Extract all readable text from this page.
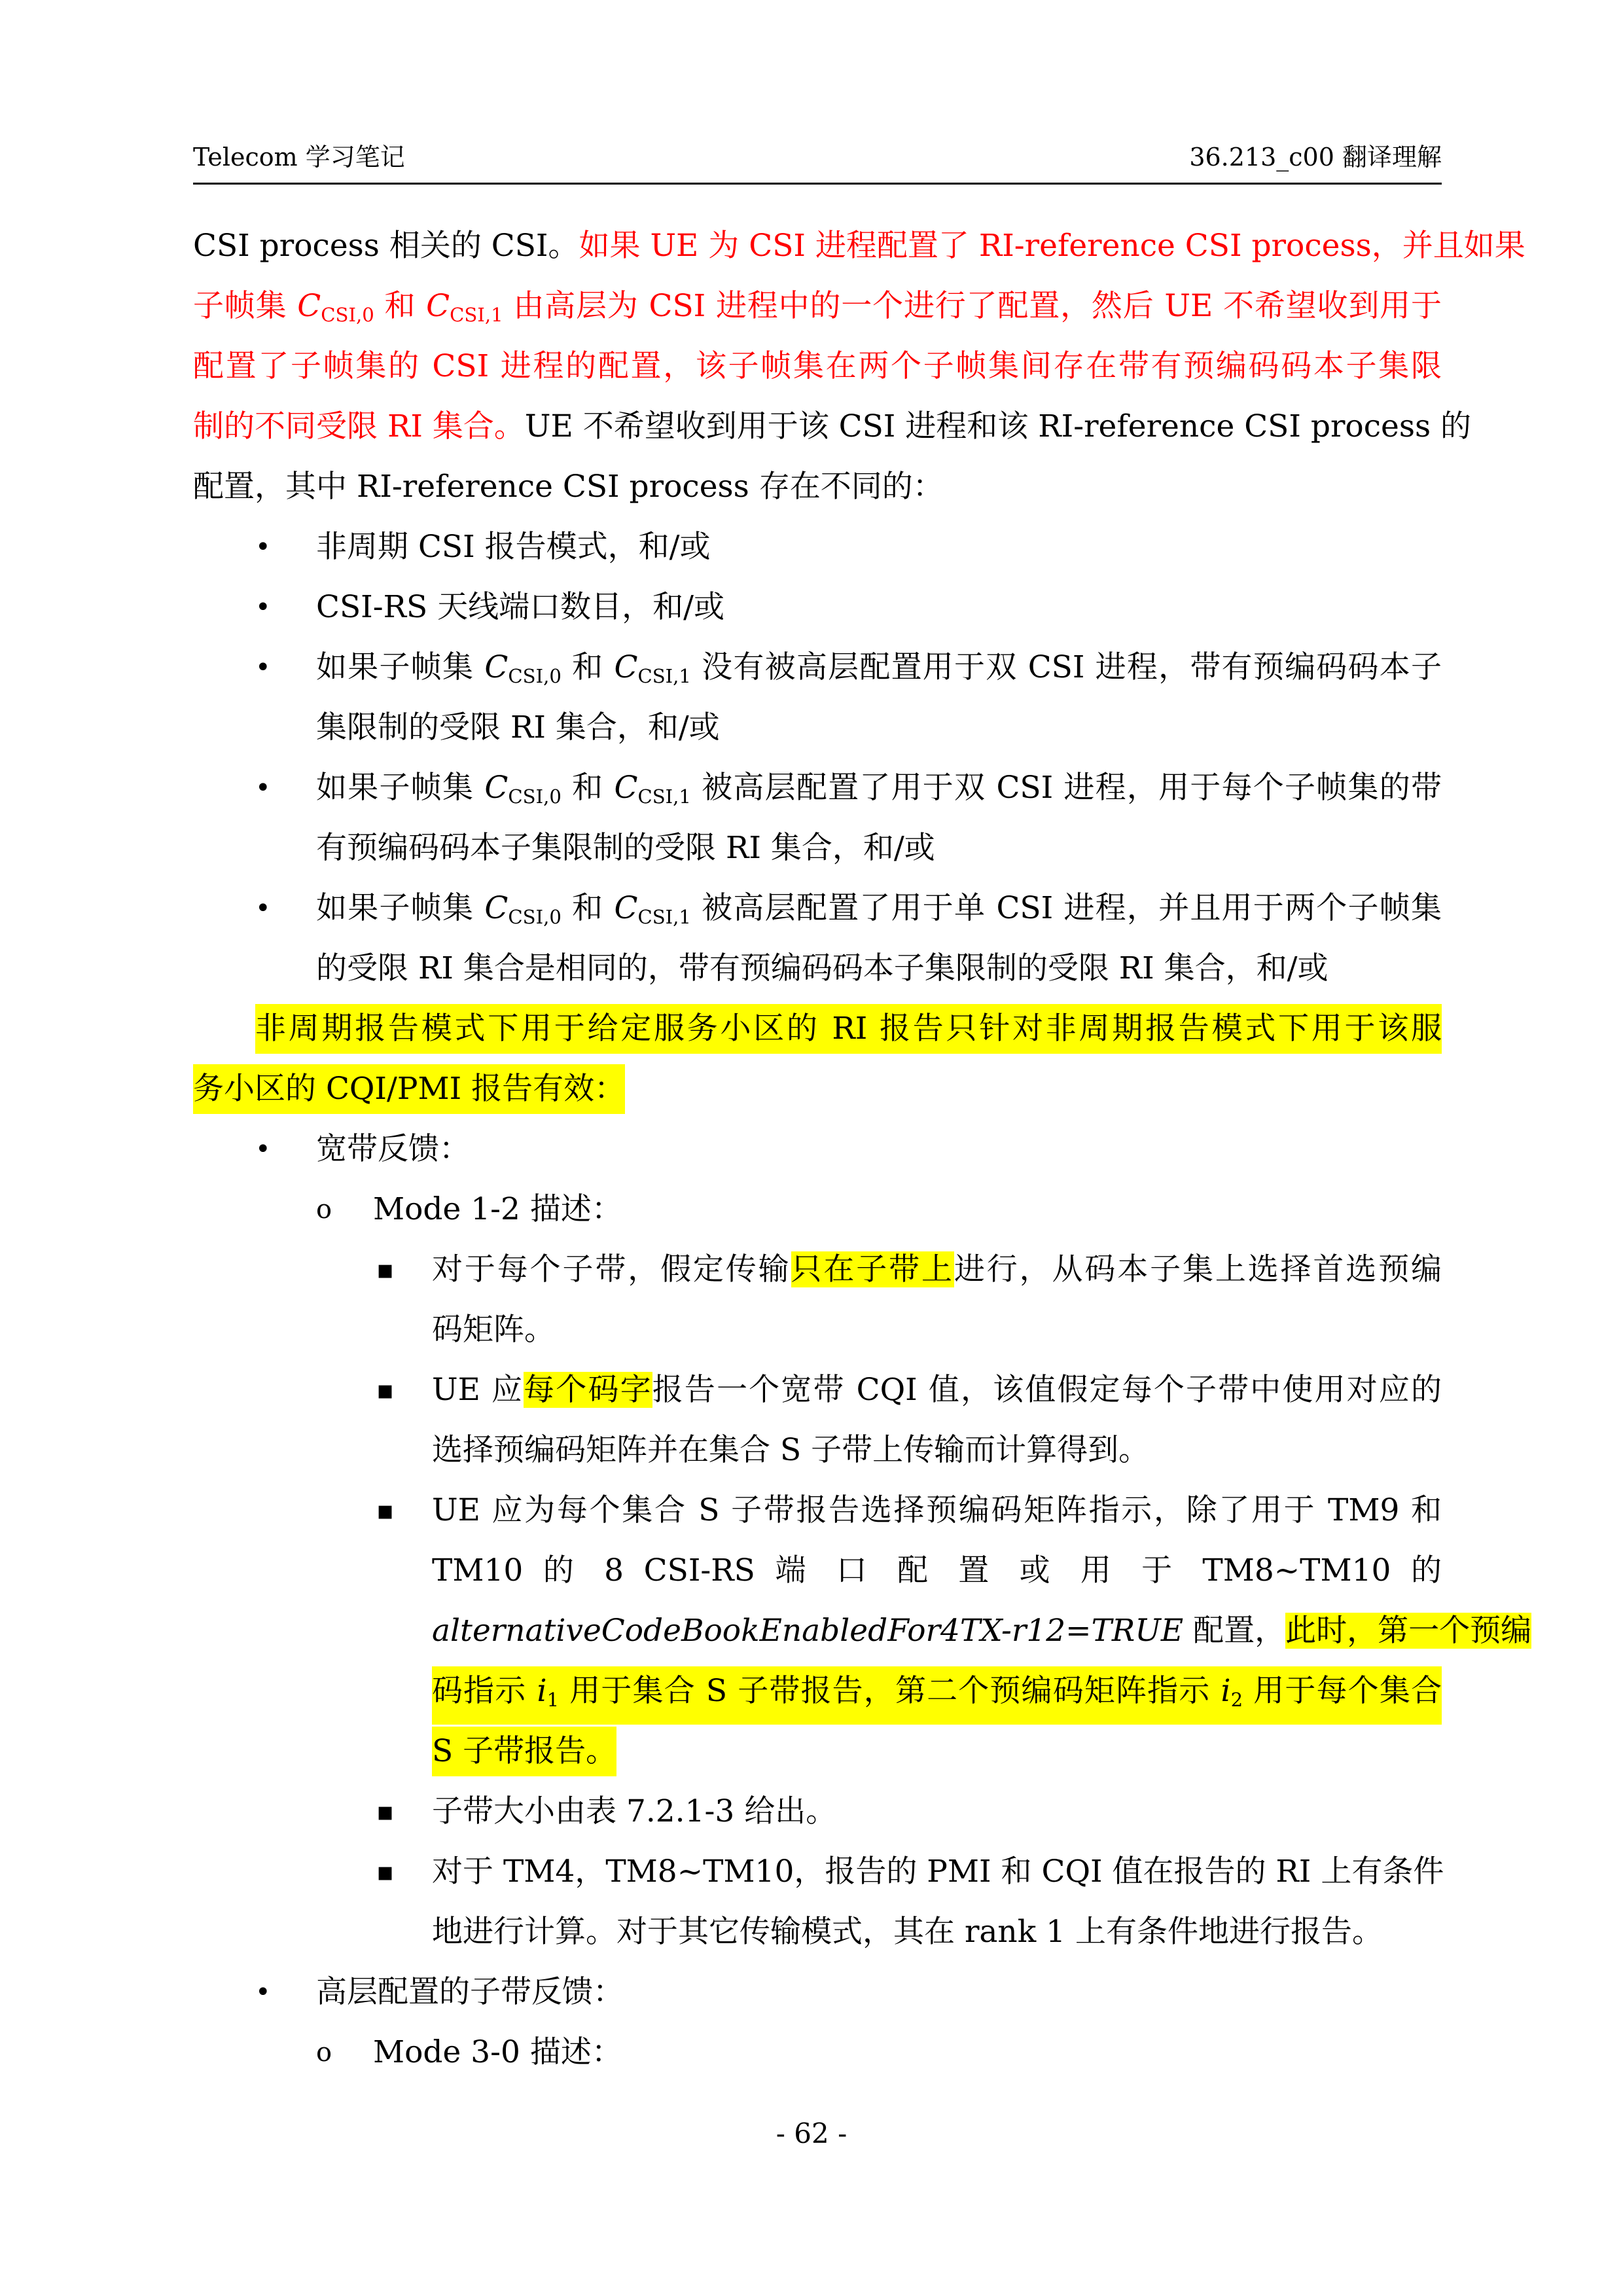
Telecom 学习笔记	36.213_c00 翻译理解
CSI process 相关的 CSI。如果 UE 为 CSI 进程配置了 RI-reference CSI process，并且如果
子帧集 $C_{CSI,0}$ 和 $C_{CSI,1}$ 由高层为 CSI 进程中的一个进行了配置，然后 UE 不希望收到用于
配置了子帧集的 CSI 进程的配置，该子帧集在两个子帧集间存在带有预编码码本子集限
制的不同受限 RI 集合。UE 不希望收到用于该 CSI 进程和该 RI-reference CSI process 的
配置，其中 RI-reference CSI process 存在不同的：
• 非周期 CSI 报告模式，和/或
• CSI-RS 天线端口数目，和/或
• 如果子帧集 $C_{CSI,0}$ 和 $C_{CSI,1}$ 没有被高层配置用于双 CSI 进程，带有预编码码本子
集限制的受限 RI 集合，和/或
• 如果子帧集 $C_{CSI,0}$ 和 $C_{CSI,1}$ 被高层配置了用于双 CSI 进程，用于每个子帧集的带
有预编码码本子集限制的受限 RI 集合，和/或
• 如果子帧集 $C_{CSI,0}$ 和 $C_{CSI,1}$ 被高层配置了用于单 CSI 进程，并且用于两个子帧集
的受限 RI 集合是相同的，带有预编码码本子集限制的受限 RI 集合，和/或
非周期报告模式下用于给定服务小区的 RI 报告只针对非周期报告模式下用于该服
务小区的 CQI/PMI 报告有效：
• 宽带反馈：
o Mode 1-2 描述：
▪ 对于每个子带，假定传输只在子带上进行，从码本子集上选择首选预编
码矩阵。
▪ UE 应每个码字报告一个宽带 CQI 值，该值假定每个子带中使用对应的
选择预编码矩阵并在集合 S 子带上传输而计算得到。
▪ UE 应为每个集合 S 子带报告选择预编码矩阵指示，除了用于 TM9 和
TM10 的 8 CSI-RS 端 口 配 置 或 用 于 TM8~TM10 的
alternativeCodeBookEnabledFor4TX-r12=TRUE 配置，此时，第一个预编
码指示 $i_1$ 用于集合 S 子带报告，第二个预编码矩阵指示 $i_2$ 用于每个集合
S 子带报告。
▪ 子带大小由表 7.2.1-3 给出。
▪ 对于 TM4，TM8~TM10，报告的 PMI 和 CQI 值在报告的 RI 上有条件
地进行计算。对于其它传输模式，其在 rank 1 上有条件地进行报告。
• 高层配置的子带反馈：
o Mode 3-0 描述：
- 62 -
